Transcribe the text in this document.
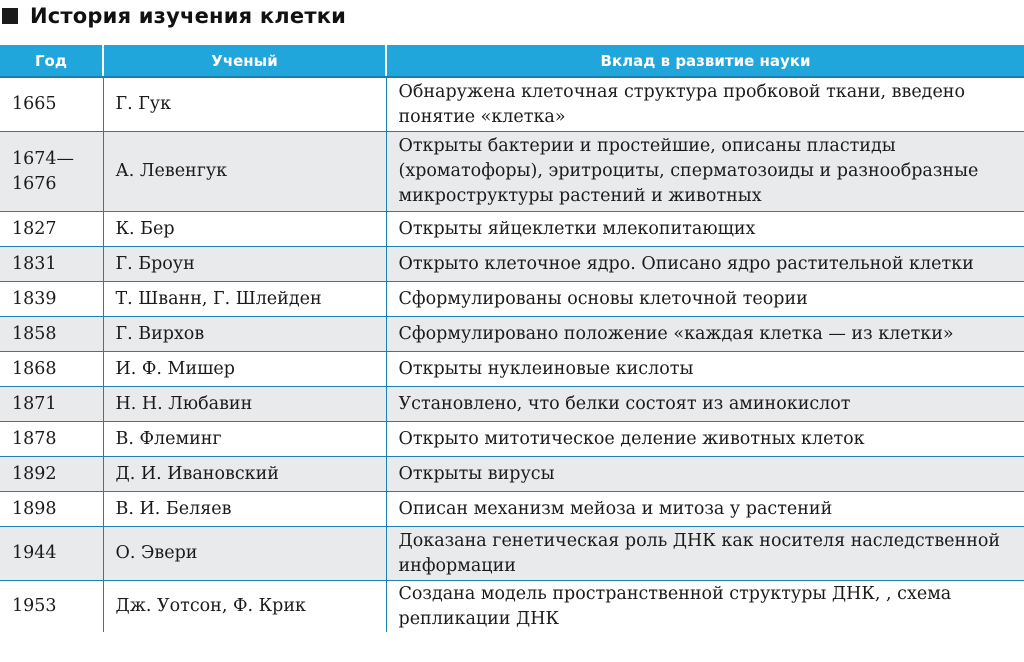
История изучения клетки
Год	Ученый	Вклад в развитие науки
1665	Г. Гук	Обнаружена клеточная структура пробковой ткани, введено понятие «клетка»
1674—1676	А. Левенгук	Открыты бактерии и простейшие, описаны пластиды (хроматофоры), эритроциты, сперматозоиды и разнообразные микроструктуры растений и животных
1827	К. Бер	Открыты яйцеклетки млекопитающих
1831	Г. Броун	Открыто клеточное ядро. Описано ядро растительной клетки
1839	Т. Шванн, Г. Шлейден	Сформулированы основы клеточной теории
1858	Г. Вирхов	Сформулировано положение «каждая клетка — из клетки»
1868	И. Ф. Мишер	Открыты нуклеиновые кислоты
1871	Н. Н. Любавин	Установлено, что белки состоят из аминокислот
1878	В. Флеминг	Открыто митотическое деление животных клеток
1892	Д. И. Ивановский	Открыты вирусы
1898	В. И. Беляев	Описан механизм мейоза и митоза у растений
1944	О. Эвери	Доказана генетическая роль ДНК как носителя наследственной информации
1953	Дж. Уотсон, Ф. Крик	Создана модель пространственной структуры ДНК, , схема репликации ДНК
